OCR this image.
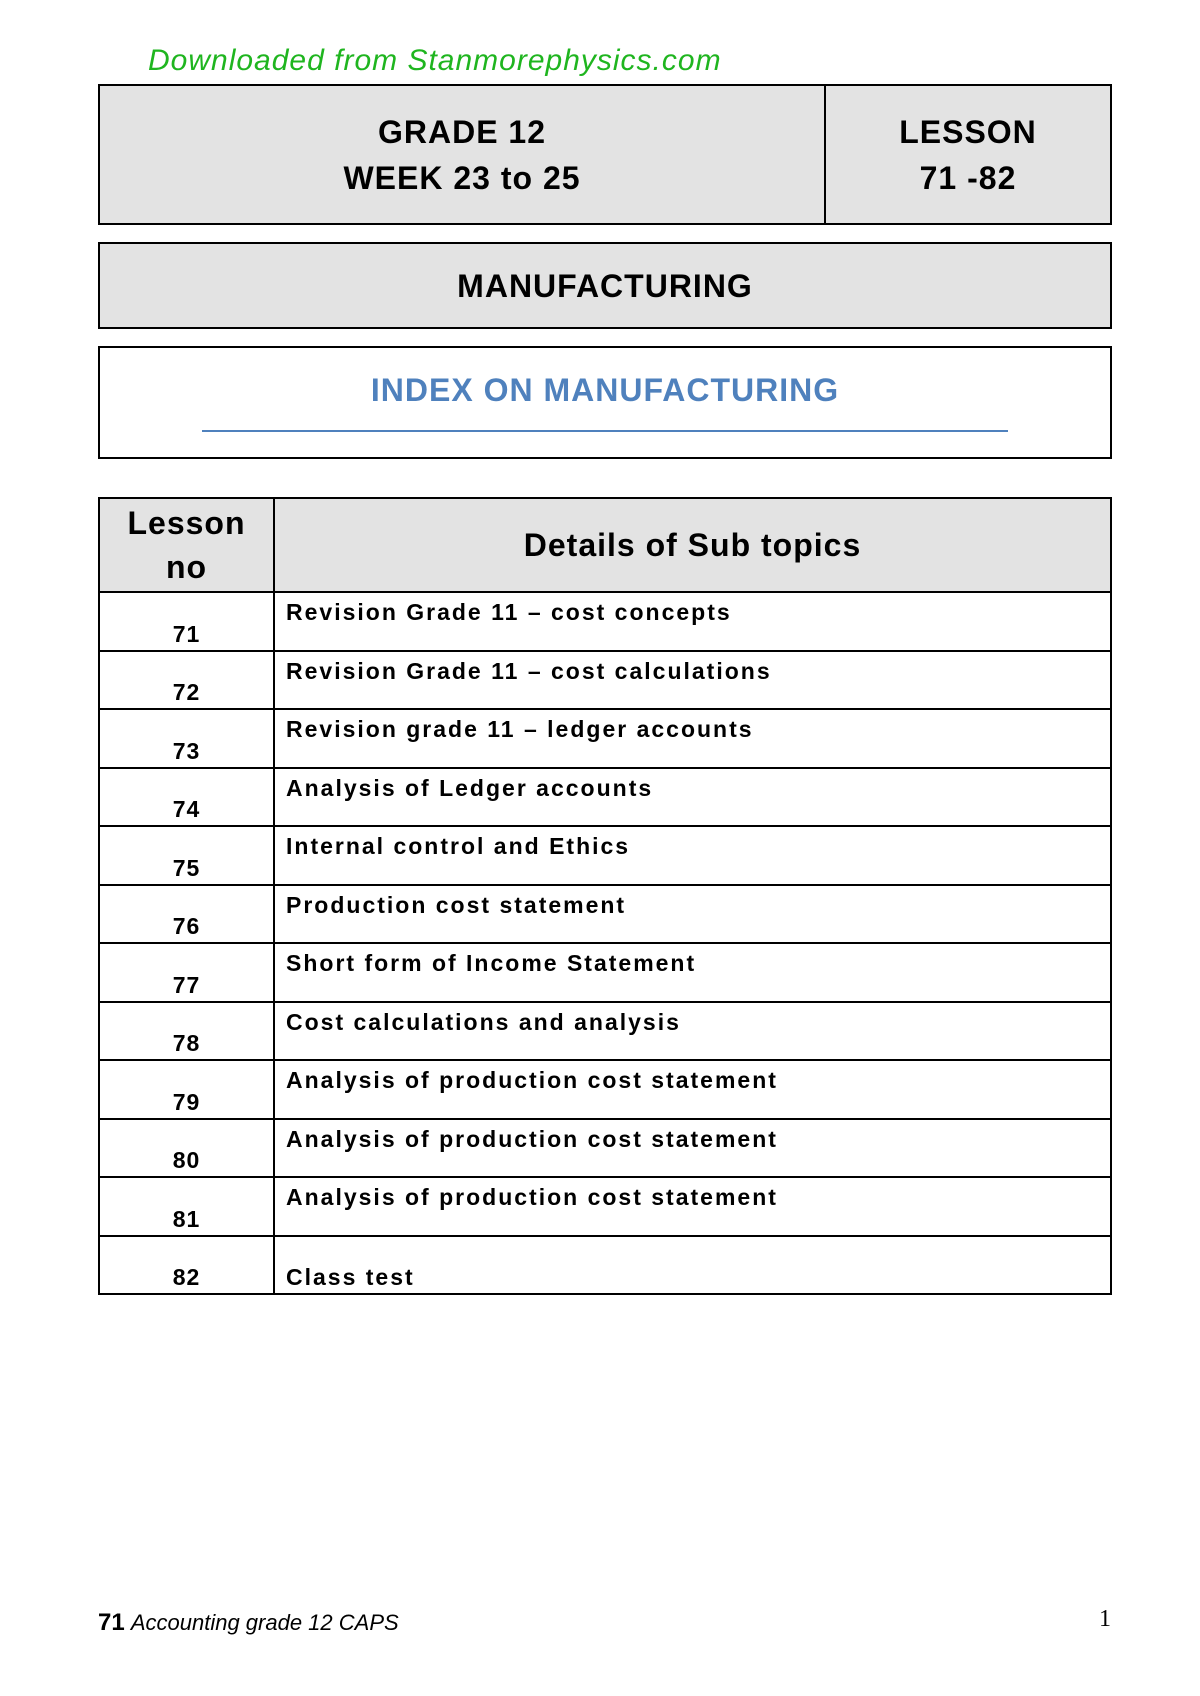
Downloaded from Stanmorephysics.com
GRADE 12
WEEK 23 to 25
LESSON
71 -82
MANUFACTURING
INDEX ON MANUFACTURING
Lesson
no	Details of Sub topics
71	Revision Grade 11 – cost concepts
72	Revision Grade 11 – cost calculations
73	Revision grade 11 – ledger accounts
74	Analysis of Ledger accounts
75	Internal control and Ethics
76	Production cost statement
77	Short form of Income Statement
78	Cost calculations and analysis
79	Analysis of production cost statement
80	Analysis of production cost statement
81	Analysis of production cost statement
82	Class test
71 Accounting grade 12 CAPS	1
